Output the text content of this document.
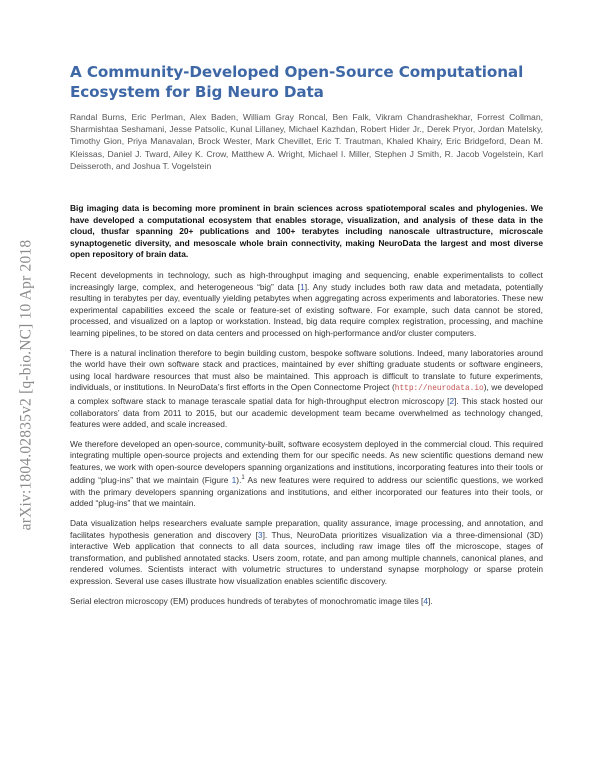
arXiv:1804.02835v2 [q-bio.NC] 10 Apr 2018
A Community-Developed Open-Source Computational Ecosystem for Big Neuro Data

Randal Burns, Eric Perlman, Alex Baden, William Gray Roncal, Ben Falk, Vikram Chandrashekhar, Forrest Collman, Sharmishtaa Seshamani, Jesse Patsolic, Kunal Lillaney, Michael Kazhdan, Robert Hider Jr., Derek Pryor, Jordan Matelsky, Timothy Gion, Priya Manavalan, Brock Wester, Mark Chevillet, Eric T. Trautman, Khaled Khairy, Eric Bridgeford, Dean M. Kleissas, Daniel J. Tward, Ailey K. Crow, Matthew A. Wright, Michael I. Miller, Stephen J Smith, R. Jacob Vogelstein, Karl Deisseroth, and Joshua T. Vogelstein

Big imaging data is becoming more prominent in brain sciences across spatiotemporal scales and phylogenies. We have developed a computational ecosystem that enables storage, visualization, and analysis of these data in the cloud, thusfar spanning 20+ publications and 100+ terabytes including nanoscale ultrastructure, microscale synaptogenetic diversity, and mesoscale whole brain connectivity, making NeuroData the largest and most diverse open repository of brain data.

Recent developments in technology, such as high-throughput imaging and sequencing, enable experimentalists to collect increasingly large, complex, and heterogeneous “big” data [1]. Any study includes both raw data and metadata, potentially resulting in terabytes per day, eventually yielding petabytes when aggregating across experiments and laboratories. These new experimental capabilities exceed the scale or feature-set of existing software. For example, such data cannot be stored, processed, and visualized on a laptop or workstation. Instead, big data require complex registration, processing, and machine learning pipelines, to be stored on data centers and processed on high-performance and/or cluster computers.

There is a natural inclination therefore to begin building custom, bespoke software solutions. Indeed, many laboratories around the world have their own software stack and practices, maintained by ever shifting graduate students or software engineers, using local hardware resources that must also be maintained. This approach is difficult to translate to future experiments, individuals, or institutions. In NeuroData’s first efforts in the Open Connectome Project (http://neurodata.io), we developed a complex software stack to manage terascale spatial data for high-throughput electron microscopy [2]. This stack hosted our collaborators’ data from 2011 to 2015, but our academic development team became overwhelmed as technology changed, features were added, and scale increased.

We therefore developed an open-source, community-built, software ecosystem deployed in the commercial cloud. This required integrating multiple open-source projects and extending them for our specific needs. As new scientific questions demand new features, we work with open-source developers spanning organizations and institutions, incorporating features into their tools or adding “plug-ins” that we maintain (Figure 1).$^1$ As new features were required to address our scientific questions, we worked with the primary developers spanning organizations and institutions, and either incorporated our features into their tools, or added “plug-ins” that we maintain.

Data visualization helps researchers evaluate sample preparation, quality assurance, image processing, and annotation, and facilitates hypothesis generation and discovery [3]. Thus, NeuroData prioritizes visualization via a three-dimensional (3D) interactive Web application that connects to all data sources, including raw image tiles off the microscope, stages of transformation, and published annotated stacks. Users zoom, rotate, and pan among multiple channels, canonical planes, and rendered volumes. Scientists interact with volumetric structures to understand synapse morphology or sparse protein expression. Several use cases illustrate how visualization enables scientific discovery.

Serial electron microscopy (EM) produces hundreds of terabytes of monochromatic image tiles [4].
